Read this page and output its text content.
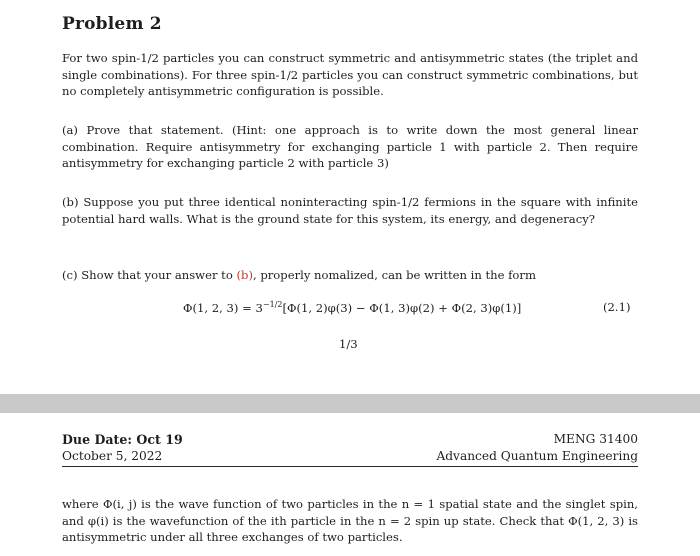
Problem 2

For two spin-1/2 particles you can construct symmetric and antisymmetric states (the triplet and single combinations). For three spin-1/2 particles you can construct symmetric combinations, but no completely antisymmetric configuration is possible.

(a) Prove that statement. (Hint: one approach is to write down the most general linear combination. Require antisymmetry for exchanging particle 1 with particle 2. Then require antisymmetry for exchanging particle 2 with particle 3)

(b) Suppose you put three identical noninteracting spin-1/2 fermions in the square with infinite potential hard walls. What is the ground state for this system, its energy, and degeneracy?

(c) Show that your answer to (b), properly nomalized, can be written in the form

Φ(1, 2, $3) = 3^{-1/2}[\Phi(1$, 2)φ(3) − Φ(1, 3)φ(2) + Φ(2, 3)φ(1)]	(2.1)
1/3
Due Date: Oct 19
October 5, 2022
MENG 31400
Advanced Quantum Engineering

where Φ(i, j) is the wave function of two particles in the n = 1 spatial state and the singlet spin, and φ(i) is the wavefunction of the ith particle in the n = 2 spin up state. Check that Φ(1, 2, 3) is antisymmetric under all three exchanges of two particles.
